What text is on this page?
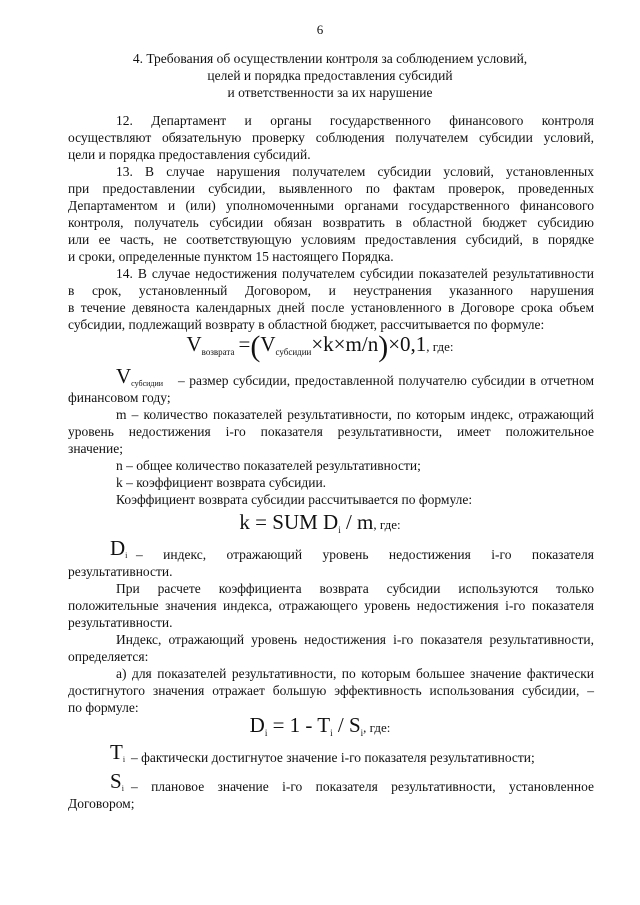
6
4. Требования об осуществлении контроля за соблюдением условий,
целей и порядка предоставления субсидий
и ответственности за их нарушение
12. Департамент и органы государственного финансового контроля
осуществляют обязательную проверку соблюдения получателем субсидии условий,
цели и порядка предоставления субсидий.
13. В случае нарушения получателем субсидии условий, установленных
при предоставлении субсидии, выявленного по фактам проверок, проведенных
Департаментом и (или) уполномоченными органами государственного финансового
контроля, получатель субсидии обязан возвратить в областной бюджет субсидию
или ее часть, не соответствующую условиям предоставления субсидий, в порядке
и сроки, определенные пунктом 15 настоящего Порядка.
14. В случае недостижения получателем субсидии показателей результативности
в срок, установленный Договором, и неустранения указанного нарушения
в течение девяноста календарных дней после установленного в Договоре срока объем
субсидии, подлежащий возврату в областной бюджет, рассчитывается по формуле:
$V_{возврата} =(V_{субсидии}\times k\times m/n)\times 0,1$, где:
$V_{субсидии}$ – размер субсидии, предоставленной получателю субсидии в отчетном
финансовом году;
m – количество показателей результативности, по которым индекс, отражающий
уровень недостижения i-го показателя результативности, имеет положительное
значение;
n – общее количество показателей результативности;
k – коэффициент возврата субсидии.
Коэффициент возврата субсидии рассчитывается по формуле:
k = SUM $D_i$ / m, где:
$D_i$ – индекс, отражающий уровень недостижения i-го показателя
результативности.
При расчете коэффициента возврата субсидии используются только
положительные значения индекса, отражающего уровень недостижения i-го показателя
результативности.
Индекс, отражающий уровень недостижения i-го показателя результативности,
определяется:
а) для показателей результативности, по которым большее значение фактически
достигнутого значения отражает большую эффективность использования субсидии, –
по формуле:
$D_i = 1 - T_i / S_i$, где:
$T_i$ – фактически достигнутое значение i-го показателя результативности;
$S_i$ – плановое значение i-го показателя результативности, установленное
Договором;
